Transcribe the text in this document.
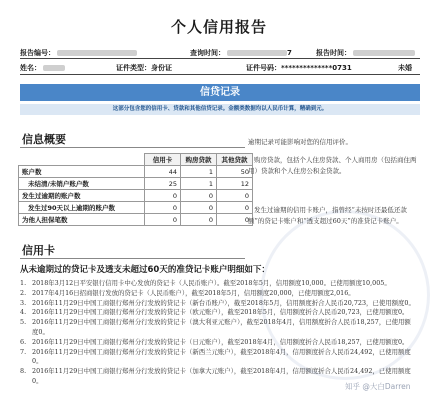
个人信用报告
报告编号：	查询时间：	7	报告时间：
姓名：	证件类型：身份证	证件号码：**************0731	未婚
信贷记录
这部分包含您的信用卡、贷款和其他信贷记录。金额类数据均以人民币计算，精确到元。
信息概要
	信用卡	购房贷款	其他贷款
账户数	44	1	50
未结清/未销户账户数	25	1	12
发生过逾期的账户数	0	0	0
发生过90天以上逾期的账户数	0	0	0
为他人担保笔数	0	0	0
逾期记录可能影响对您的信用评价。
购房贷款，包括个人住房贷款、个人商用房（包括商住两用）贷款和个人住房公积金贷款。
发生过逾期的信用卡账户，指曾经“未按时还最低还款额”的贷记卡账户和“透支超过60天”的准贷记卡账户。
信用卡
从未逾期过的贷记卡及透支未超过60天的准贷记卡账户明细如下：
1. 2018年3月12日平安银行信用卡中心发放的贷记卡（人民币账户）。截至2018年5月，信用额度10,000。已使用额度10,005。
2. 2017年4月16日招商银行发放的贷记卡（人民币账户），截至2018年5月，信用额度20,000，已使用额度2,016。
3. 2016年11月29日中国工商银行郑州分行发放的贷记卡（新台币账户），截至2018年5月，信用额度折合人民币20,723，已使用额度0。
4. 2016年11月29日中国工商银行郑州分行发放的贷记卡（欧元账户），截至2018年5月，信用额度折合人民币20,723，已使用额度0。
5. 2016年11月29日中国工商银行郑州分行发放的贷记卡（澳大利亚元账户），截至2018年4月，信用额度折合人民币18,257，已使用额度0。
6. 2016年11月29日中国工商银行郑州分行发放的贷记卡（日元账户），截至2018年4月，信用额度折合人民币18,257，已使用额度0。
7. 2016年11月29日中国工商银行郑州分行发放的贷记卡（新西兰元账户），截至2018年4月，信用额度折合人民币24,492，已使用额度0。
8. 2016年11月29日中国工商银行郑州分行发放的贷记卡（加拿大元账户），截至2018年4月，信用额度折合人民币24,492，已使用额度0。
知乎 @大白Darren
